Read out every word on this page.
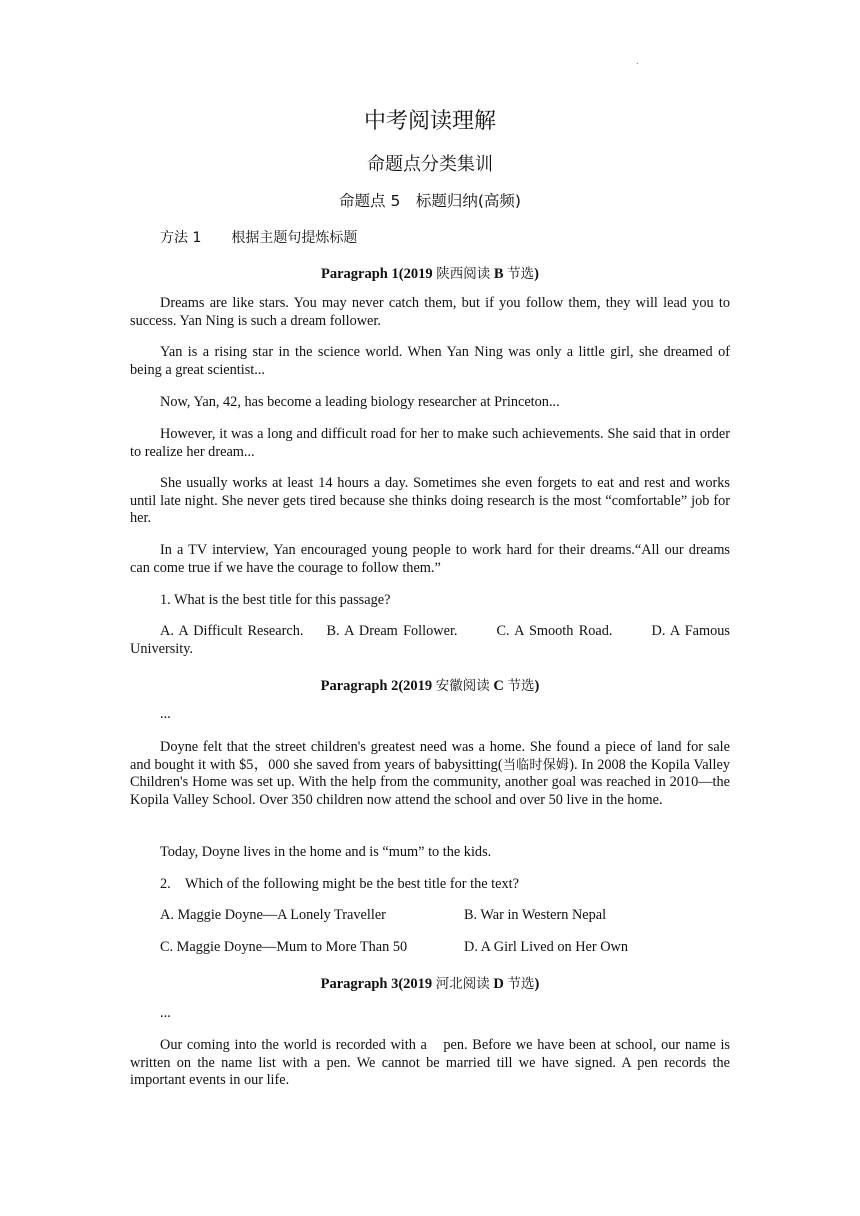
.
中考阅读理解
命题点分类集训
命题点 5　标题归纳(高频)
方法 1 根据主题句提炼标题
Paragraph 1(2019 陕西阅读 B 节选)

Dreams are like stars. You may never catch them, but if you follow them, they will lead you to success. Yan Ning is such a dream follower.

Yan is a rising star in the science world. When Yan Ning was only a little girl, she dreamed of being a great scientist...

Now, Yan, 42, has become a leading biology researcher at Princeton...

However, it was a long and difficult road for her to make such achievements. She said that in order to realize her dream...

She usually works at least 14 hours a day. Sometimes she even forgets to eat and rest and works until late night. She never gets tired because she thinks doing research is the most “comfortable” job for her.

In a TV interview, Yan encouraged young people to work hard for their dreams.“All our dreams can come true if we have the courage to follow them.”

1. What is the best title for this passage?

A. A Difficult Research.　 B. A Dream Follower.　　 C. A Smooth Road.　　 D. A Famous University.

Paragraph 2(2019 安徽阅读 C 节选)
...

Doyne felt that the street children's greatest need was a home. She found a piece of land for sale and bought it with $5，000 she saved from years of babysitting(当临时保姆). In 2008 the Kopila Valley Children's Home was set up. With the help from the community, another goal was reached in 2010—the Kopila Valley School. Over 350 children now attend the school and over 50 live in the home.

Today, Doyne lives in the home and is “mum” to the kids.
2.　Which of the following might be the best title for the text?
A. Maggie Doyne—A Lonely Traveller	B. War in Western Nepal
C. Maggie Doyne—Mum to More Than 50	D. A Girl Lived on Her Own
Paragraph 3(2019 河北阅读 D 节选)
...

Our coming into the world is recorded with a　pen. Before we have been at school, our name is written on the name list with a pen. We cannot be married till we have signed. A pen records the important events in our life.
